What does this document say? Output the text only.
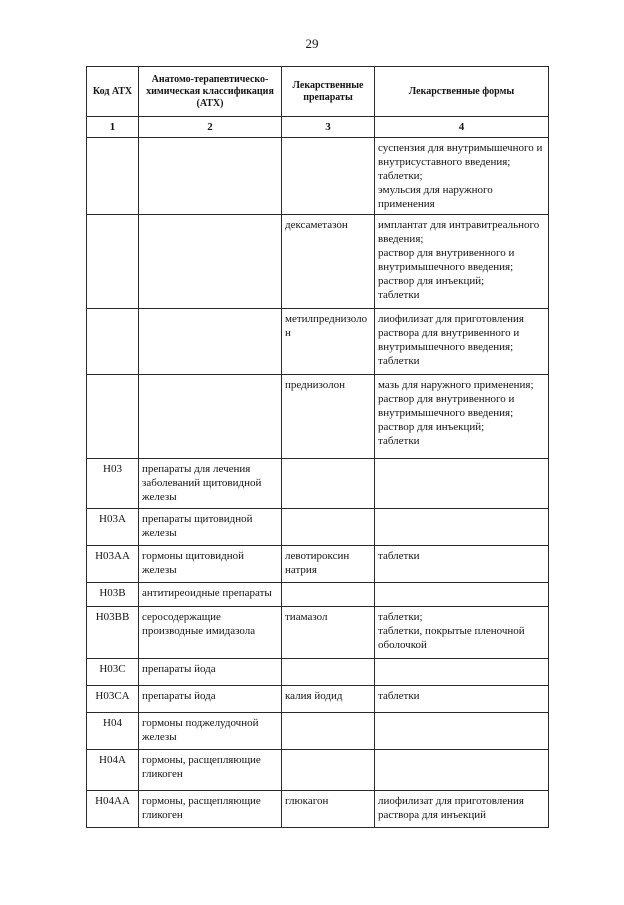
29
Код АТХ	Анатомо-терапевтическо-химическая классификация (АТХ)	Лекарственные препараты	Лекарственные формы
1	2	3	4

			суспензия для внутримышечного и внутрисуставного введения;
таблетки;
эмульсия для наружного применения

		дексаметазон	имплантат для интравитреального введения;
раствор для внутривенного и внутримышечного введения;
раствор для инъекций;
таблетки

		метилпреднизолон	лиофилизат для приготовления раствора для внутривенного и внутримышечного введения;
таблетки

		преднизолон	мазь для наружного применения;
раствор для внутривенного и внутримышечного введения;
раствор для инъекций;
таблетки

H03	препараты для лечения заболеваний щитовидной железы		
H03A	препараты щитовидной железы		
H03AA	гормоны щитовидной железы	левотироксин натрия	таблетки

H03B	антитиреоидные препараты		
H03BB	серосодержащие производные имидазола	тиамазол	таблетки;
таблетки, покрытые пленочной оболочкой

H03C	препараты йода		
H03CA	препараты йода	калия йодид	таблетки

H04	гормоны поджелудочной железы		
H04A	гормоны, расщепляющие гликоген		
H04AA	гормоны, расщепляющие гликоген	глюкагон	лиофилизат для приготовления раствора для инъекций
